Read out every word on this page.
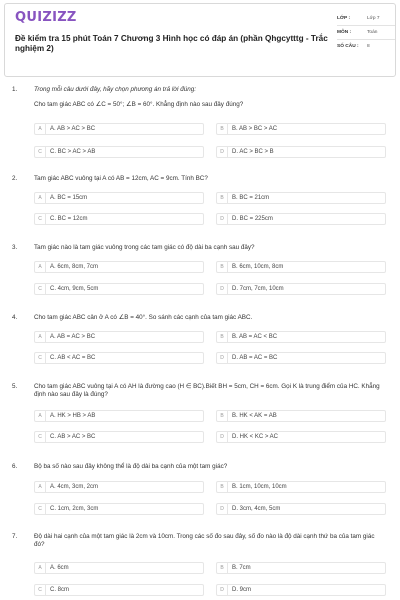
QUIZIZZ
Đề kiểm tra 15 phút Toán 7 Chương 3 Hình học có đáp án (phần Qhgcytttg - Trắc nghiệm 2)
LỚP :	Lớp 7
MÔN :	Toán
SỐ CÂU :	8
1.	Trong mỗi câu dưới đây, hãy chọn phương án trả lời đúng:
Cho tam giác ABC có ∠C = 50°; ∠B = 60°. Khẳng định nào sau đây đúng?
A	A. AB > AC > BC	B	B. AB > BC > AC
C	C. BC > AC > AB	D	D. AC > BC > B
2.	Tam giác ABC vuông tại A có AB = 12cm, AC = 9cm. Tính BC?
A	A. BC = 15cm	B	B. BC = 21cm
C	C. BC = 12cm	D	D. BC = 225cm
3.	Tam giác nào là tam giác vuông trong các tam giác có độ dài ba cạnh sau đây?
A	A. 6cm, 8cm, 7cm	B	B. 6cm, 10cm, 8cm
C	C. 4cm, 9cm, 5cm	D	D. 7cm, 7cm, 10cm
4.	Cho tam giác ABC cân ở A có ∠B = 40°. So sánh các cạnh của tam giác ABC.
A	A. AB = AC > BC	B	B. AB = AC < BC
C	C. AB < AC = BC	D	D. AB = AC = BC
5.	Cho tam giác ABC vuông tại A có AH là đường cao (H ∈ BC).Biết BH = 5cm, CH = 6cm. Gọi K là trung điểm của HC. Khẳng định nào sau đây là đúng?
A	A. HK > HB > AB	B	B. HK < AK = AB
C	C. AB > AC > BC	D	D. HK < KC > AC
6.	Bộ ba số nào sau đây không thể là độ dài ba cạnh của một tam giác?
A	A. 4cm, 3cm, 2cm	B	B. 1cm, 10cm, 10cm
C	C. 1cm, 2cm, 3cm	D	D. 3cm, 4cm, 5cm
7.	Độ dài hai cạnh của một tam giác là 2cm và 10cm. Trong các số đo sau đây, số đo nào là độ dài cạnh thứ ba của tam giác đó?
A	A. 6cm	B	B. 7cm
C	C. 8cm	D	D. 9cm
